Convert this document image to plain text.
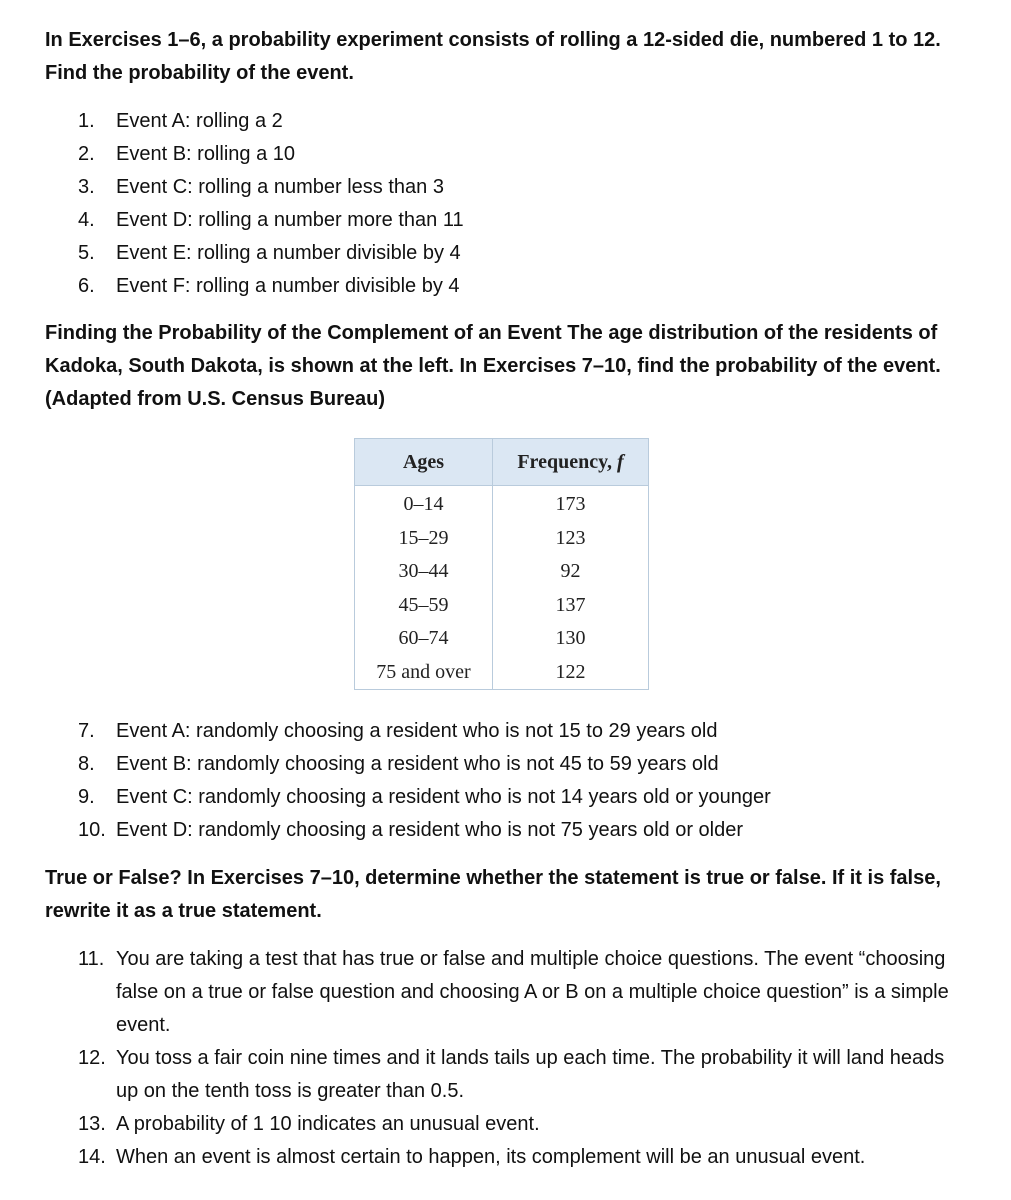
In Exercises 1–6, a probability experiment consists of rolling a 12-sided die, numbered 1 to 12. Find the probability of the event.

1. Event A: rolling a 2
2. Event B: rolling a 10
3. Event C: rolling a number less than 3
4. Event D: rolling a number more than 11
5. Event E: rolling a number divisible by 4
6. Event F: rolling a number divisible by 4

Finding the Probability of the Complement of an Event The age distribution of the residents of Kadoka, South Dakota, is shown at the left. In Exercises 7–10, find the probability of the event. (Adapted from U.S. Census Bureau)

Ages	Frequency, f
0–14	173
15–29	123
30–44	92
45–59	137
60–74	130
75 and over	122
7. Event A: randomly choosing a resident who is not 15 to 29 years old
8. Event B: randomly choosing a resident who is not 45 to 59 years old
9. Event C: randomly choosing a resident who is not 14 years old or younger
10. Event D: randomly choosing a resident who is not 75 years old or older

True or False? In Exercises 7–10, determine whether the statement is true or false. If it is false, rewrite it as a true statement.

11. You are taking a test that has true or false and multiple choice questions. The event “choosing false on a true or false question and choosing A or B on a multiple choice question” is a simple event.
12. You toss a fair coin nine times and it lands tails up each time. The probability it will land heads up on the tenth toss is greater than 0.5.
13. A probability of 1 10 indicates an unusual event.
14. When an event is almost certain to happen, its complement will be an unusual event.
